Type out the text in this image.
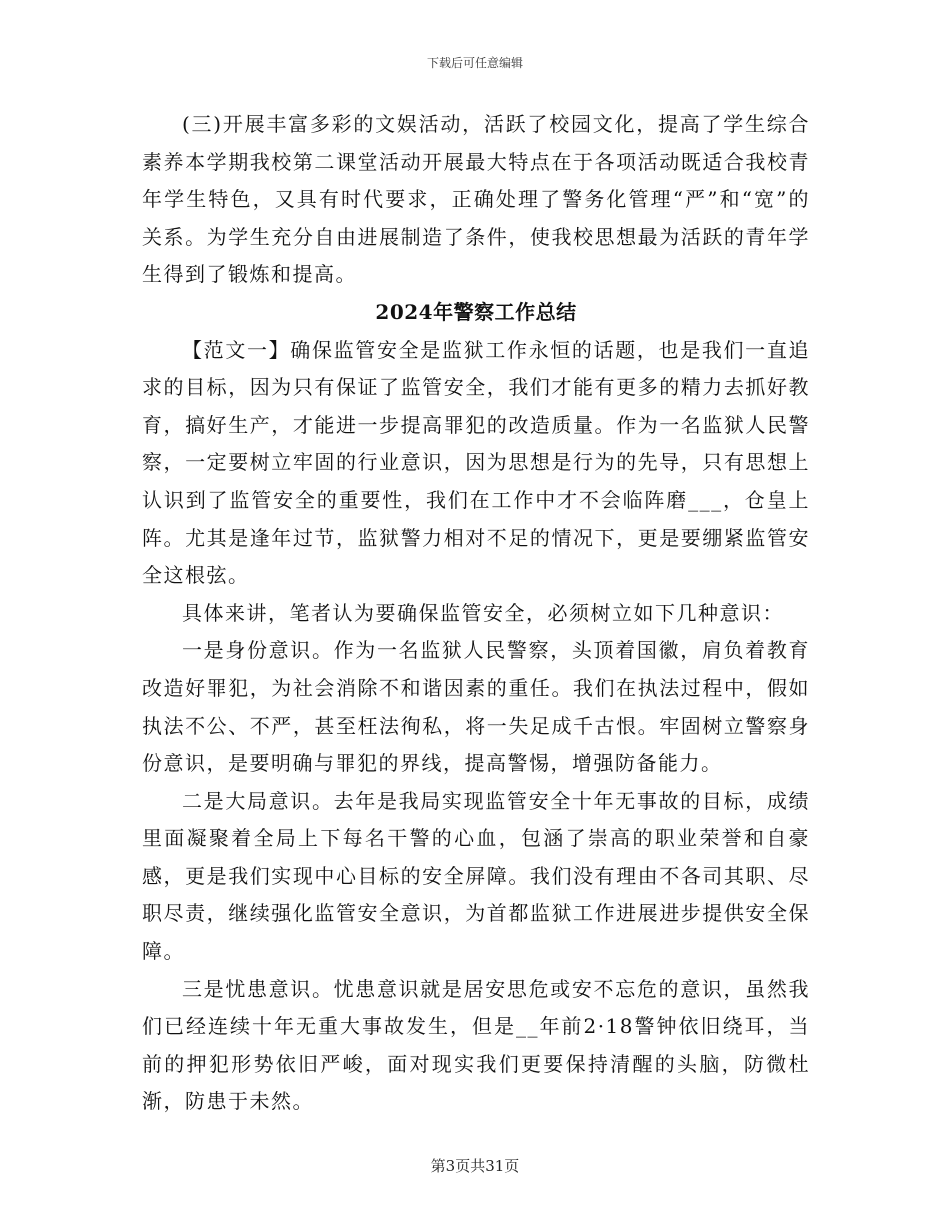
下载后可任意编辑

(三)开展丰富多彩的文娱活动，活跃了校园文化，提高了学生综合素养本学期我校第二课堂活动开展最大特点在于各项活动既适合我校青年学生特色，又具有时代要求，正确处理了警务化管理“严”和“宽”的关系。为学生充分自由进展制造了条件，使我校思想最为活跃的青年学生得到了锻炼和提高。

2024年警察工作总结

【范文一】确保监管安全是监狱工作永恒的话题，也是我们一直追求的目标，因为只有保证了监管安全，我们才能有更多的精力去抓好教育，搞好生产，才能进一步提高罪犯的改造质量。作为一名监狱人民警察，一定要树立牢固的行业意识，因为思想是行为的先导，只有思想上认识到了监管安全的重要性，我们在工作中才不会临阵磨___，仓皇上阵。尤其是逢年过节，监狱警力相对不足的情况下，更是要绷紧监管安全这根弦。

具体来讲，笔者认为要确保监管安全，必须树立如下几种意识：

一是身份意识。作为一名监狱人民警察，头顶着国徽，肩负着教育改造好罪犯，为社会消除不和谐因素的重任。我们在执法过程中，假如执法不公、不严，甚至枉法徇私，将一失足成千古恨。牢固树立警察身份意识，是要明确与罪犯的界线，提高警惕，增强防备能力。

二是大局意识。去年是我局实现监管安全十年无事故的目标，成绩里面凝聚着全局上下每名干警的心血，包涵了崇高的职业荣誉和自豪感，更是我们实现中心目标的安全屏障。我们没有理由不各司其职、尽职尽责，继续强化监管安全意识，为首都监狱工作进展进步提供安全保障。

三是忧患意识。忧患意识就是居安思危或安不忘危的意识，虽然我们已经连续十年无重大事故发生，但是__年前2·18警钟依旧绕耳，当前的押犯形势依旧严峻，面对现实我们更要保持清醒的头脑，防微杜渐，防患于未然。

第3页共31页
